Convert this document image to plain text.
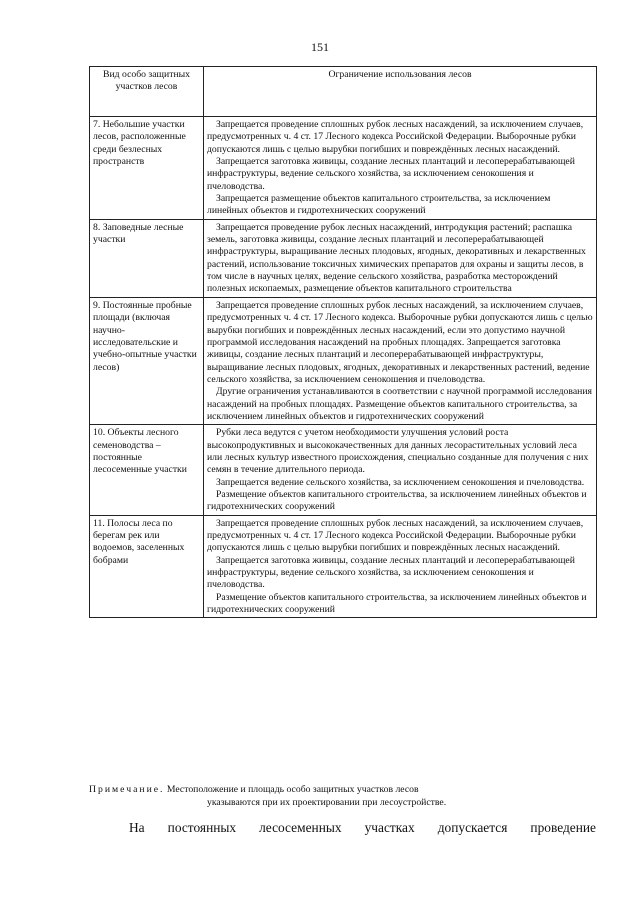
151
Вид особо защитных участков лесов	Ограничение использования лесов
7. Небольшие участки лесов, расположенные среди безлесных пространств	Запрещается проведение сплошных рубок лесных насаждений, за исключением случаев, предусмотренных ч. 4 ст. 17 Лесного кодекса Российской Федерации. Выборочные рубки допускаются лишь с целью вырубки погибших и повреждённых лесных насаждений.
Запрещается заготовка живицы, создание лесных плантаций и лесоперерабатывающей инфраструктуры, ведение сельского хозяйства, за исключением сенокошения и пчеловодства.
Запрещается размещение объектов капитального строительства, за исключением линейных объектов и гидротехнических сооружений

8. Заповедные лесные участки	Запрещается проведение рубок лесных насаждений, интродукция растений; распашка земель, заготовка живицы, создание лесных плантаций и лесоперерабатывающей инфраструктуры, выращивание лесных плодовых, ягодных, декоративных и лекарственных растений, использование токсичных химических препаратов для охраны и защиты лесов, в том числе в научных целях, ведение сельского хозяйства, разработка месторождений полезных ископаемых, размещение объектов капитального строительства

9. Постоянные пробные площади (включая научно-исследовательские и учебно-опытные участки лесов)	Запрещается проведение сплошных рубок лесных насаждений, за исключением случаев, предусмотренных ч. 4 ст. 17 Лесного кодекса. Выборочные рубки допускаются лишь с целью вырубки погибших и повреждённых лесных насаждений, если это допустимо научной программой исследования насаждений на пробных площадях. Запрещается заготовка живицы, создание лесных плантаций и лесоперерабатывающей инфраструктуры, выращивание лесных плодовых, ягодных, декоративных и лекарственных растений, ведение сельского хозяйства, за исключением сенокошения и пчеловодства.
Другие ограничения устанавливаются в соответствии с научной программой исследования насаждений на пробных площадях. Размещение объектов капитального строительства, за исключением линейных объектов и гидротехнических сооружений

10. Объекты лесного семеноводства – постоянные лесосеменные участки	Рубки леса ведутся с учетом необходимости улучшения условий роста высокопродуктивных и высококачественных для данных лесорастительных условий леса или лесных культур известного происхождения, специально созданные для получения с них семян в течение длительного периода.
Запрещается ведение сельского хозяйства, за исключением сенокошения и пчеловодства.
Размещение объектов капитального строительства, за исключением линейных объектов и гидротехнических сооружений

11. Полосы леса по берегам рек или водоемов, заселенных бобрами	Запрещается проведение сплошных рубок лесных насаждений, за исключением случаев, предусмотренных ч. 4 ст. 17 Лесного кодекса Российской Федерации. Выборочные рубки допускаются лишь с целью вырубки погибших и повреждённых лесных насаждений.
Запрещается заготовка живицы, создание лесных плантаций и лесоперерабатывающей инфраструктуры, ведение сельского хозяйства, за исключением сенокошения и пчеловодства.
Размещение объектов капитального строительства, за исключением линейных объектов и гидротехнических сооружений
Примечание. Местоположение и площадь особо защитных участков лесов
указываются при их проектировании при лесоустройстве.
На постоянных лесосеменных участках допускается проведение
